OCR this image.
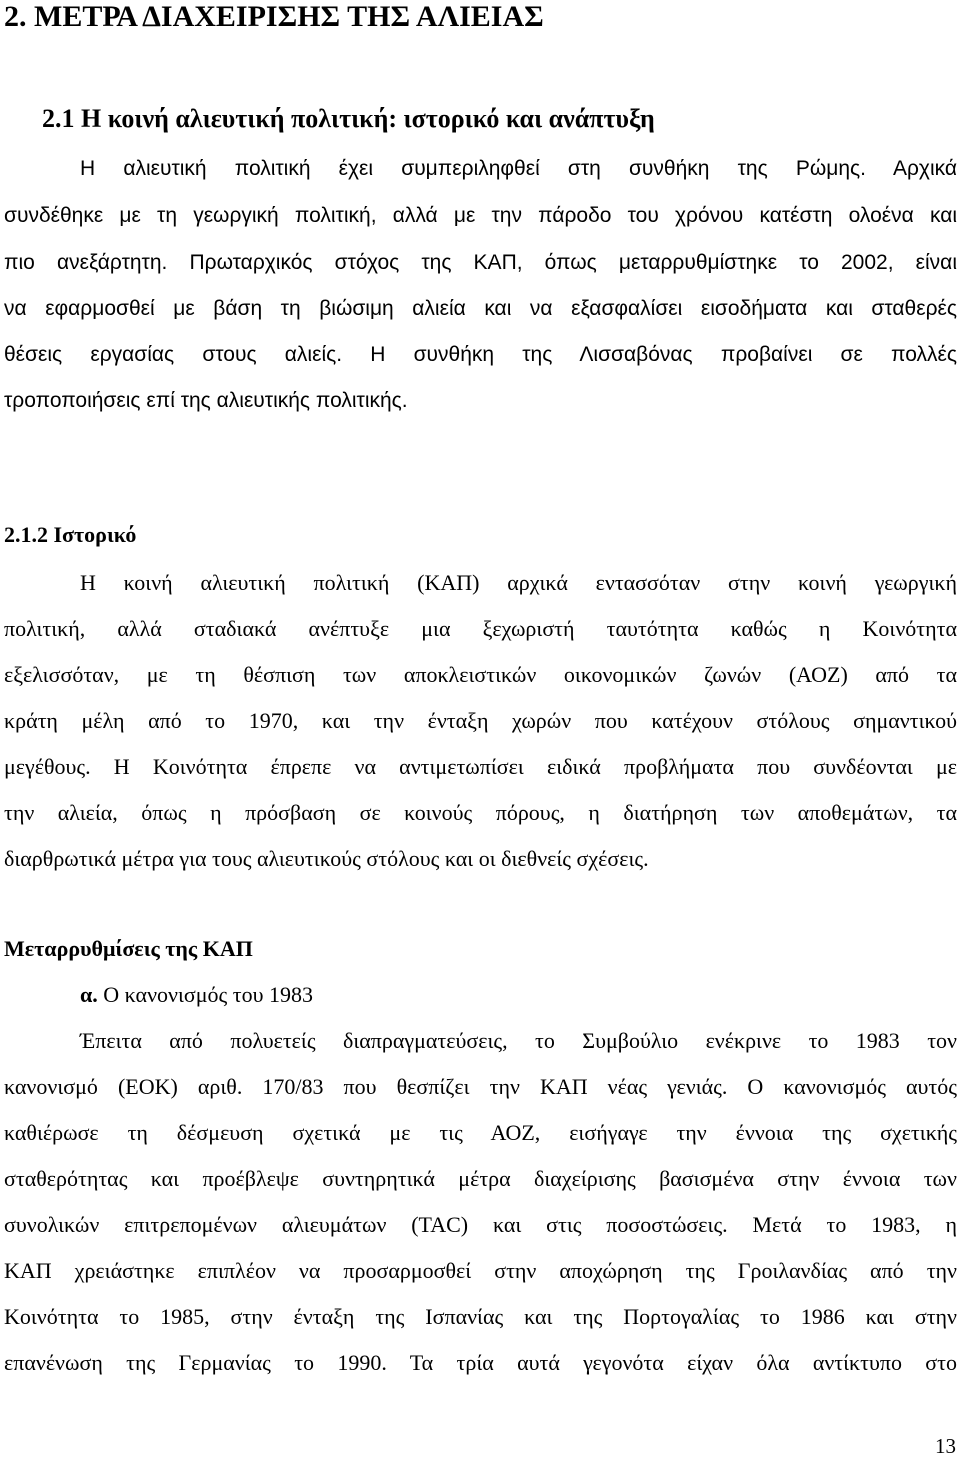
2. ΜΕΤΡΑ ΔΙΑΧΕΙΡΙΣΗΣ ΤΗΣ ΑΛΙΕΙΑΣ
2.1 Η κοινή αλιευτική πολιτική: ιστορικό και ανάπτυξη
Η αλιευτική πολιτική έχει συμπεριληφθεί στη συνθήκη της Ρώμης. Αρχικά
συνδέθηκε με τη γεωργική πολιτική, αλλά με την πάροδο του χρόνου κατέστη ολοένα και
πιο ανεξάρτητη. Πρωταρχικός στόχος της ΚΑΠ, όπως μεταρρυθμίστηκε το 2002, είναι
να εφαρμοσθεί με βάση τη βιώσιμη αλιεία και να εξασφαλίσει εισοδήματα και σταθερές
θέσεις εργασίας στους αλιείς. Η συνθήκη της Λισσαβόνας προβαίνει σε πολλές
τροποποιήσεις επί της αλιευτικής πολιτικής.
2.1.2 Ιστορικό
Η κοινή αλιευτική πολιτική (ΚΑΠ) αρχικά εντασσόταν στην κοινή γεωργική
πολιτική, αλλά σταδιακά ανέπτυξε μια ξεχωριστή ταυτότητα καθώς η Κοινότητα
εξελισσόταν, με τη θέσπιση των αποκλειστικών οικονομικών ζωνών (ΑΟΖ) από τα
κράτη μέλη από το 1970, και την ένταξη χωρών που κατέχουν στόλους σημαντικού
μεγέθους. Η Κοινότητα έπρεπε να αντιμετωπίσει ειδικά προβλήματα που συνδέονται με
την αλιεία, όπως η πρόσβαση σε κοινούς πόρους, η διατήρηση των αποθεμάτων, τα
διαρθρωτικά μέτρα για τους αλιευτικούς στόλους και οι διεθνείς σχέσεις.
Μεταρρυθμίσεις της ΚΑΠ
α. Ο κανονισμός του 1983
Έπειτα από πολυετείς διαπραγματεύσεις, το Συμβούλιο ενέκρινε το 1983 τον
κανονισμό (ΕΟΚ) αριθ. 170/83 που θεσπίζει την ΚΑΠ νέας γενιάς. Ο κανονισμός αυτός
καθιέρωσε τη δέσμευση σχετικά με τις ΑΟΖ, εισήγαγε την έννοια της σχετικής
σταθερότητας και προέβλεψε συντηρητικά μέτρα διαχείρισης βασισμένα στην έννοια των
συνολικών επιτρεπομένων αλιευμάτων (TAC) και στις ποσοστώσεις. Μετά το 1983, η
ΚΑΠ χρειάστηκε επιπλέον να προσαρμοσθεί στην αποχώρηση της Γροιλανδίας από την
Κοινότητα το 1985, στην ένταξη της Ισπανίας και της Πορτογαλίας το 1986 και στην
επανένωση της Γερμανίας το 1990. Τα τρία αυτά γεγονότα είχαν όλα αντίκτυπο στο
13
